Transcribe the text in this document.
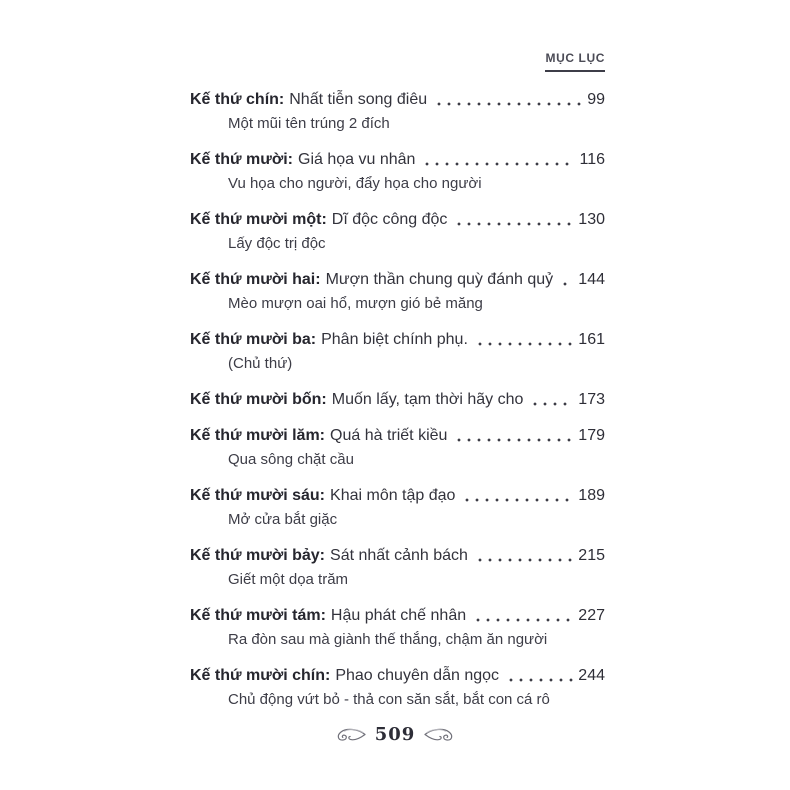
MỤC LỤC
Kế thứ chín: Nhất tiễn song điêu	99
Một mũi tên trúng 2 đích
Kế thứ mười: Giá họa vu nhân	116
Vu họa cho người, đẩy họa cho người
Kế thứ mười một: Dĩ độc công độc	130
Lấy độc trị độc
Kế thứ mười hai: Mượn thần chung quỳ đánh quỷ 144
Mèo mượn oai hổ, mượn gió bẻ măng
Kế thứ mười ba: Phân biệt chính phụ.	161
(Chủ thứ)
Kế thứ mười bốn: Muốn lấy, tạm thời hãy cho	173
Kế thứ mười lăm: Quá hà triết kiều	179
Qua sông chặt cầu
Kế thứ mười sáu: Khai môn tập đạo	189
Mở cửa bắt giặc
Kế thứ mười bảy: Sát nhất cảnh bách	215
Giết một dọa trăm
Kế thứ mười tám: Hậu phát chế nhân	227
Ra đòn sau mà giành thế thắng, chậm ăn người
Kế thứ mười chín: Phao chuyên dẫn ngọc	244
Chủ động vứt bỏ - thả con săn sắt, bắt con cá rô
509
